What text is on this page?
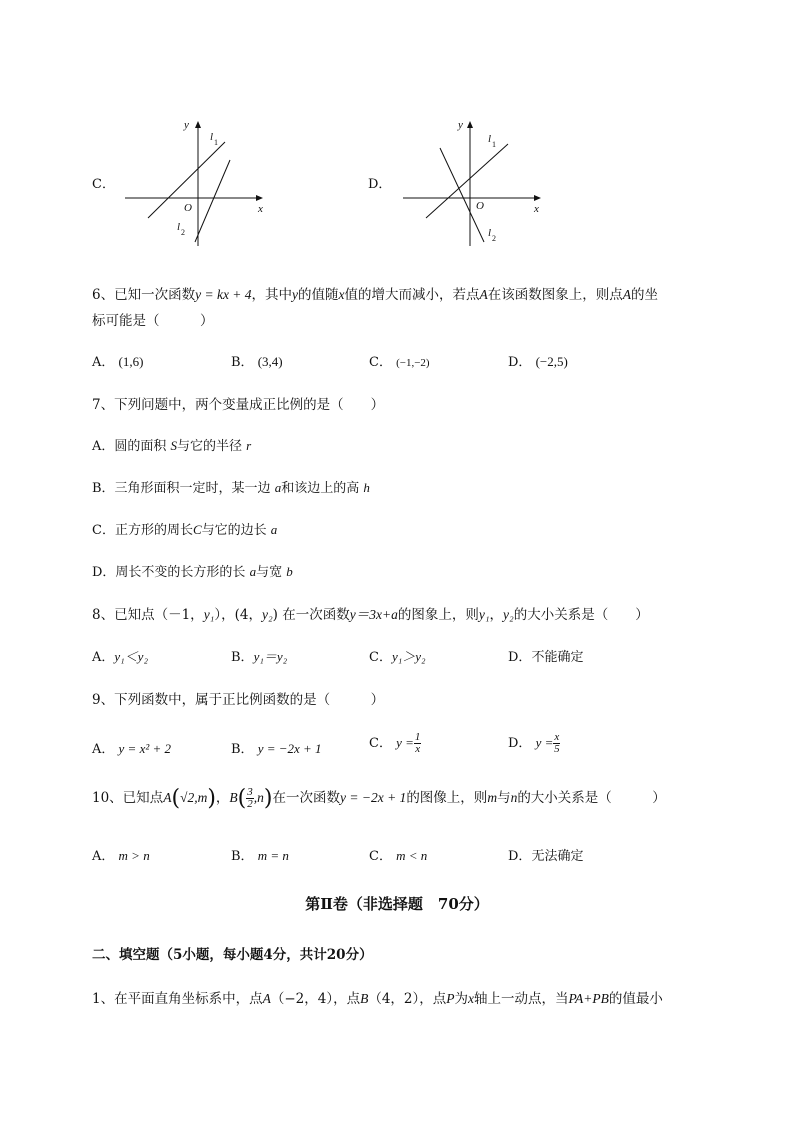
C．
y
x
O
l 1
l 2
D．
y
x
O
l 1
l 2
6、已知一次函数y = kx + 4，其中y的值随x值的增大而减小，若点A在该函数图象上，则点A的坐
标可能是（　　　）
A． (1,6)	B． (3,4)	C． (−1,−2)	D． (−2,5)
7、下列问题中，两个变量成正比例的是（　　）
A．圆的面积 S与它的半径 r
B．三角形面积一定时，某一边 a和该边上的高 h
C．正方形的周长C与它的边长 a
D．周长不变的长方形的长 a与宽 b
8、已知点（－1，y₁），(4，y₂) 在一次函数y＝3x+a的图象上，则y₁，y₂的大小关系是（　　）
A．y₁＜y₂	B．y₁＝y₂	C．y₁＞y₂	D．不能确定
9、下列函数中，属于正比例函数的是（　　　）
A． y = x² + 2	B． y = −2x + 1	C． $y = \frac{1}{x}$	D． $y = \frac{x}{5}$
10、已知点A(√2,m)，$B( \frac{3}{2} ,n)$在一次函数y = −2x + 1的图像上，则m与n的大小关系是（　　　）
A． m > n	B． m = n	C． m < n	D．无法确定
第Ⅱ卷（非选择题　70分）
二、填空题（5小题，每小题4分，共计20分）
1、在平面直角坐标系中，点A（−2，4），点B（4，2），点P为x轴上一动点，当PA+PB的值最小
